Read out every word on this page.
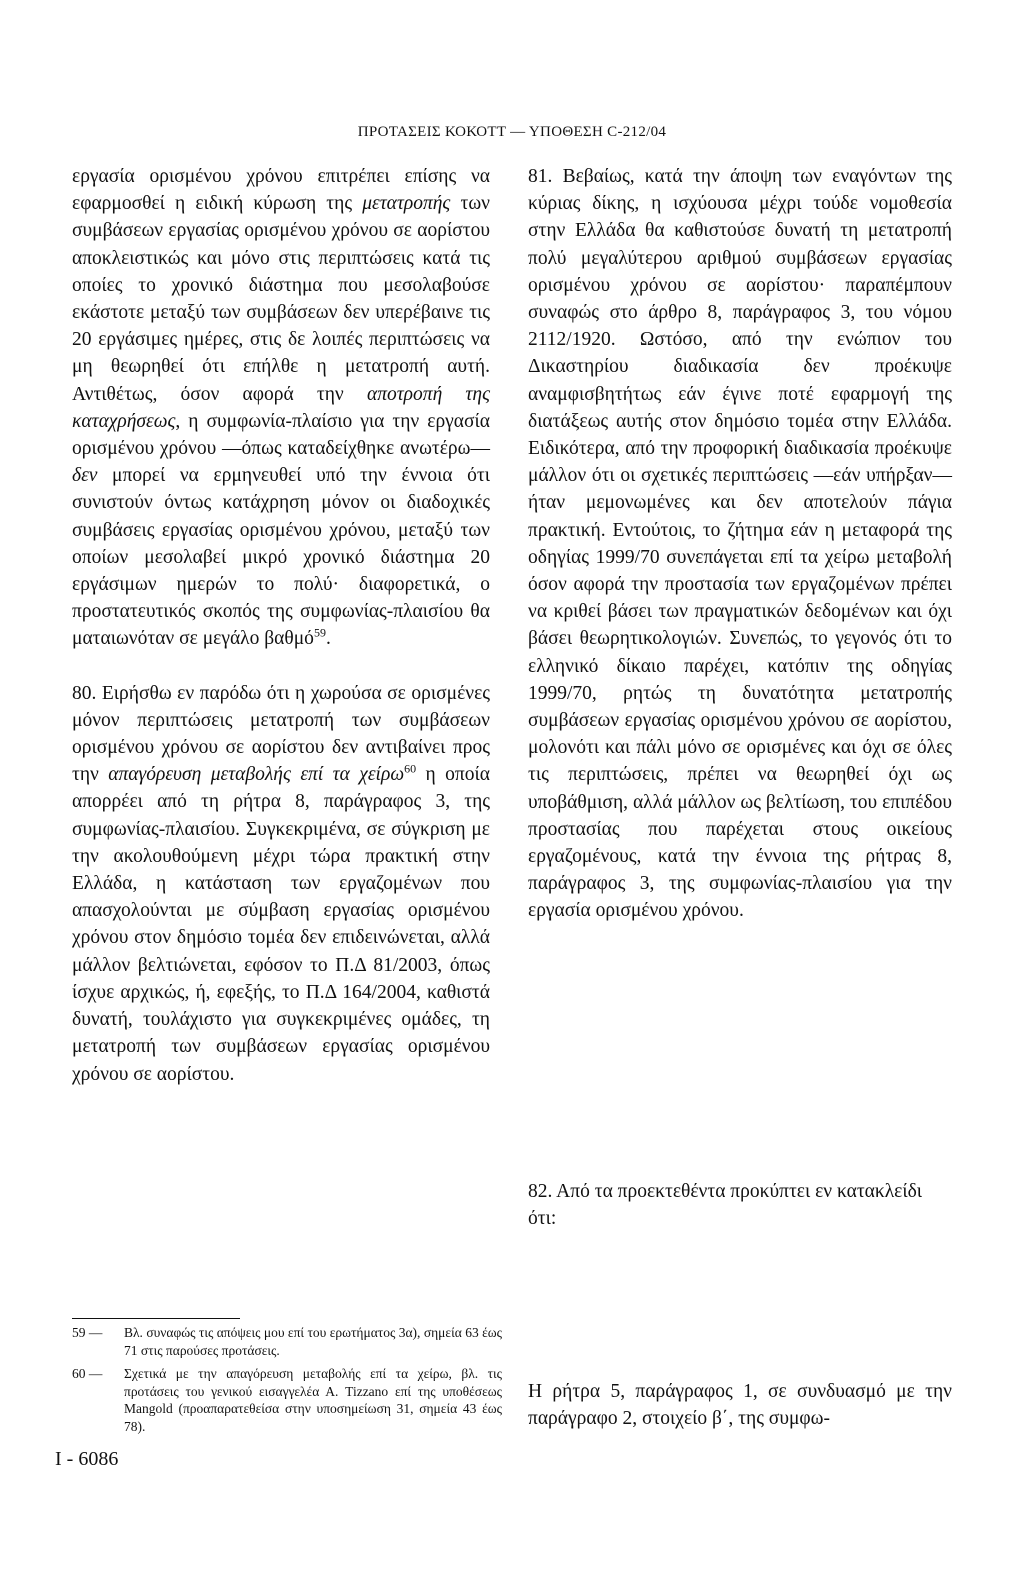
ΠΡΟΤΑΣΕΙΣ ΚΟΚΟΤΤ — ΥΠΟΘΕΣΗ C-212/04

εργασία ορισμένου χρόνου επιτρέπει επίσης να εφαρμοσθεί η ειδική κύρωση της μετατροπής των συμβάσεων εργασίας ορισμένου χρόνου σε αορίστου αποκλειστικώς και μόνο στις περιπτώσεις κατά τις οποίες το χρονικό διάστημα που μεσολαβούσε εκάστοτε μεταξύ των συμβάσεων δεν υπερέβαινε τις 20 εργάσιμες ημέρες, στις δε λοιπές περιπτώσεις να μη θεωρηθεί ότι επήλθε η μετατροπή αυτή. Αντιθέτως, όσον αφορά την αποτροπή της καταχρήσεως, η συμφωνία-πλαίσιο για την εργασία ορισμένου χρόνου —όπως καταδείχθηκε ανωτέρω— δεν μπορεί να ερμηνευθεί υπό την έννοια ότι συνιστούν όντως κατάχρηση μόνον οι διαδοχικές συμβάσεις εργασίας ορισμένου χρόνου, μεταξύ των οποίων μεσολαβεί μικρό χρονικό διάστημα 20 εργάσιμων ημερών το πολύ· διαφορετικά, ο προστατευτικός σκοπός της συμφωνίας-πλαισίου θα ματαιωνόταν σε μεγάλο βαθμό$^{59}$.

80. Ειρήσθω εν παρόδω ότι η χωρούσα σε ορισμένες μόνον περιπτώσεις μετατροπή των συμβάσεων ορισμένου χρόνου σε αορίστου δεν αντιβαίνει προς την απαγόρευση μεταβολής επί τα χείρω$^{60}$ η οποία απορρέει από τη ρήτρα 8, παράγραφος 3, της συμφωνίας-πλαισίου. Συγκεκριμένα, σε σύγκριση με την ακολουθούμενη μέχρι τώρα πρακτική στην Ελλάδα, η κατάσταση των εργαζομένων που απασχολούνται με σύμβαση εργασίας ορισμένου χρόνου στον δημόσιο τομέα δεν επιδεινώνεται, αλλά μάλλον βελτιώνεται, εφόσον το Π.Δ 81/2003, όπως ίσχυε αρχικώς, ή, εφεξής, το Π.Δ 164/2004, καθιστά δυνατή, τουλάχιστο για συγκεκριμένες ομάδες, τη μετατροπή των συμβάσεων εργασίας ορισμένου χρόνου σε αορίστου.

81. Βεβαίως, κατά την άποψη των εναγόντων της κύριας δίκης, η ισχύουσα μέχρι τούδε νομοθεσία στην Ελλάδα θα καθιστούσε δυνατή τη μετατροπή πολύ μεγαλύτερου αριθμού συμβάσεων εργασίας ορισμένου χρόνου σε αορίστου· παραπέμπουν συναφώς στο άρθρο 8, παράγραφος 3, του νόμου 2112/1920. Ωστόσο, από την ενώπιον του Δικαστηρίου διαδικασία δεν προέκυψε αναμφισβητήτως εάν έγινε ποτέ εφαρμογή της διατάξεως αυτής στον δημόσιο τομέα στην Ελλάδα. Ειδικότερα, από την προφορική διαδικασία προέκυψε μάλλον ότι οι σχετικές περιπτώσεις —εάν υπήρξαν— ήταν μεμονωμένες και δεν αποτελούν πάγια πρακτική. Εντούτοις, το ζήτημα εάν η μεταφορά της οδηγίας 1999/70 συνεπάγεται επί τα χείρω μεταβολή όσον αφορά την προστασία των εργαζομένων πρέπει να κριθεί βάσει των πραγματικών δεδομένων και όχι βάσει θεωρητικολογιών. Συνεπώς, το γεγονός ότι το ελληνικό δίκαιο παρέχει, κατόπιν της οδηγίας 1999/70, ρητώς τη δυνατότητα μετατροπής συμβάσεων εργασίας ορισμένου χρόνου σε αορίστου, μολονότι και πάλι μόνο σε ορισμένες και όχι σε όλες τις περιπτώσεις, πρέπει να θεωρηθεί όχι ως υποβάθμιση, αλλά μάλλον ως βελτίωση, του επιπέδου προστασίας που παρέχεται στους οικείους εργαζομένους, κατά την έννοια της ρήτρας 8, παράγραφος 3, της συμφωνίας-πλαισίου για την εργασία ορισμένου χρόνου.

82. Από τα προεκτεθέντα προκύπτει εν κατακλείδι ότι:
59 —	Βλ. συναφώς τις απόψεις μου επί του ερωτήματος 3α), σημεία 63 έως 71 στις παρούσες προτάσεις.
60 —	Σχετικά με την απαγόρευση μεταβολής επί τα χείρω, βλ. τις προτάσεις του γενικού εισαγγελέα Α. Tizzano επί της υποθέσεως Mangold (προαπαρατεθείσα στην υποσημείωση 31, σημεία 43 έως 78).
Η ρήτρα 5, παράγραφος 1, σε συνδυασμό με την παράγραφο 2, στοιχείο β΄, της συμφω-
I - 6086
